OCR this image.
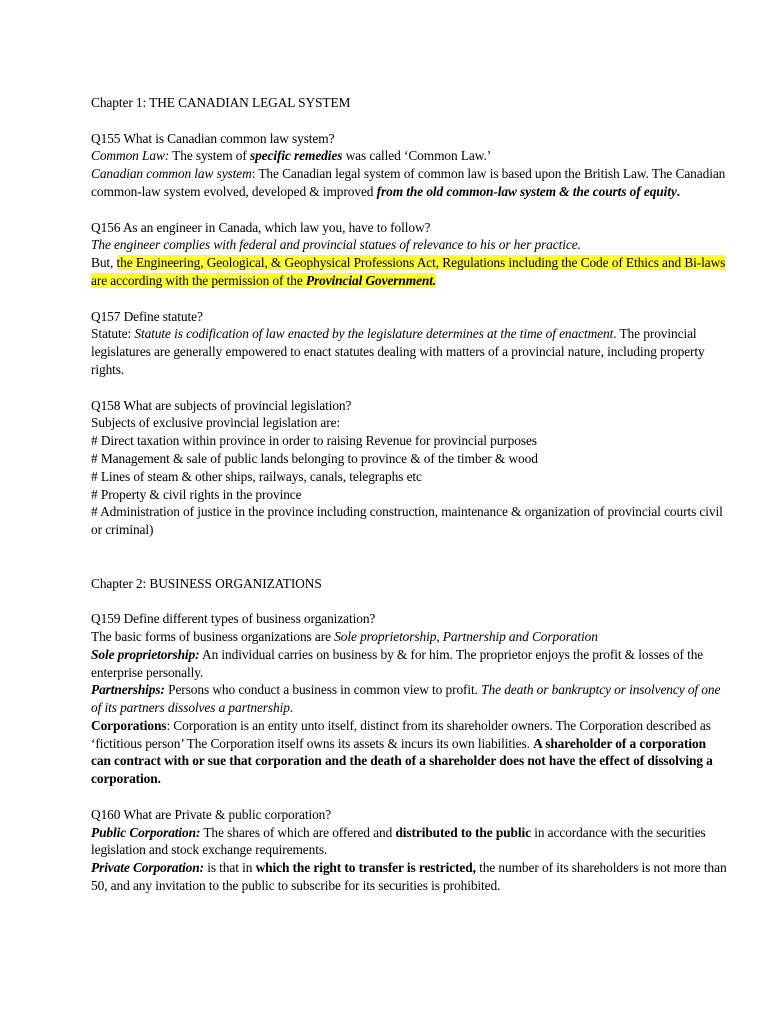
Chapter 1: THE CANADIAN LEGAL SYSTEM

Q155 What is Canadian common law system?

Common Law: The system of specific remedies was called ‘Common Law.’

Canadian common law system: The Canadian legal system of common law is based upon the British Law. The Canadian common-law system evolved, developed & improved from the old common-law system & the courts of equity.

Q156 As an engineer in Canada, which law you, have to follow?

The engineer complies with federal and provincial statues of relevance to his or her practice.

But, the Engineering, Geological, & Geophysical Professions Act, Regulations including the Code of Ethics and Bi-laws are according with the permission of the Provincial Government.

Q157 Define statute?

Statute: Statute is codification of law enacted by the legislature determines at the time of enactment. The provincial legislatures are generally empowered to enact statutes dealing with matters of a provincial nature, including property rights.

Q158 What are subjects of provincial legislation?

Subjects of exclusive provincial legislation are:

# Direct taxation within province in order to raising Revenue for provincial purposes

# Management & sale of public lands belonging to province & of the timber & wood

# Lines of steam & other ships, railways, canals, telegraphs etc

# Property & civil rights in the province

# Administration of justice in the province including construction, maintenance & organization of provincial courts civil or criminal)

Chapter 2: BUSINESS ORGANIZATIONS

Q159 Define different types of business organization?

The basic forms of business organizations are Sole proprietorship, Partnership and Corporation

Sole proprietorship: An individual carries on business by & for him. The proprietor enjoys the profit & losses of the enterprise personally.

Partnerships: Persons who conduct a business in common view to profit. The death or bankruptcy or insolvency of one of its partners dissolves a partnership.

Corporations: Corporation is an entity unto itself, distinct from its shareholder owners. The Corporation described as ‘fictitious person’ The Corporation itself owns its assets & incurs its own liabilities. A shareholder of a corporation can contract with or sue that corporation and the death of a shareholder does not have the effect of dissolving a corporation.

Q160 What are Private & public corporation?

Public Corporation: The shares of which are offered and distributed to the public in accordance with the securities legislation and stock exchange requirements.

Private Corporation: is that in which the right to transfer is restricted, the number of its shareholders is not more than 50, and any invitation to the public to subscribe for its securities is prohibited.
